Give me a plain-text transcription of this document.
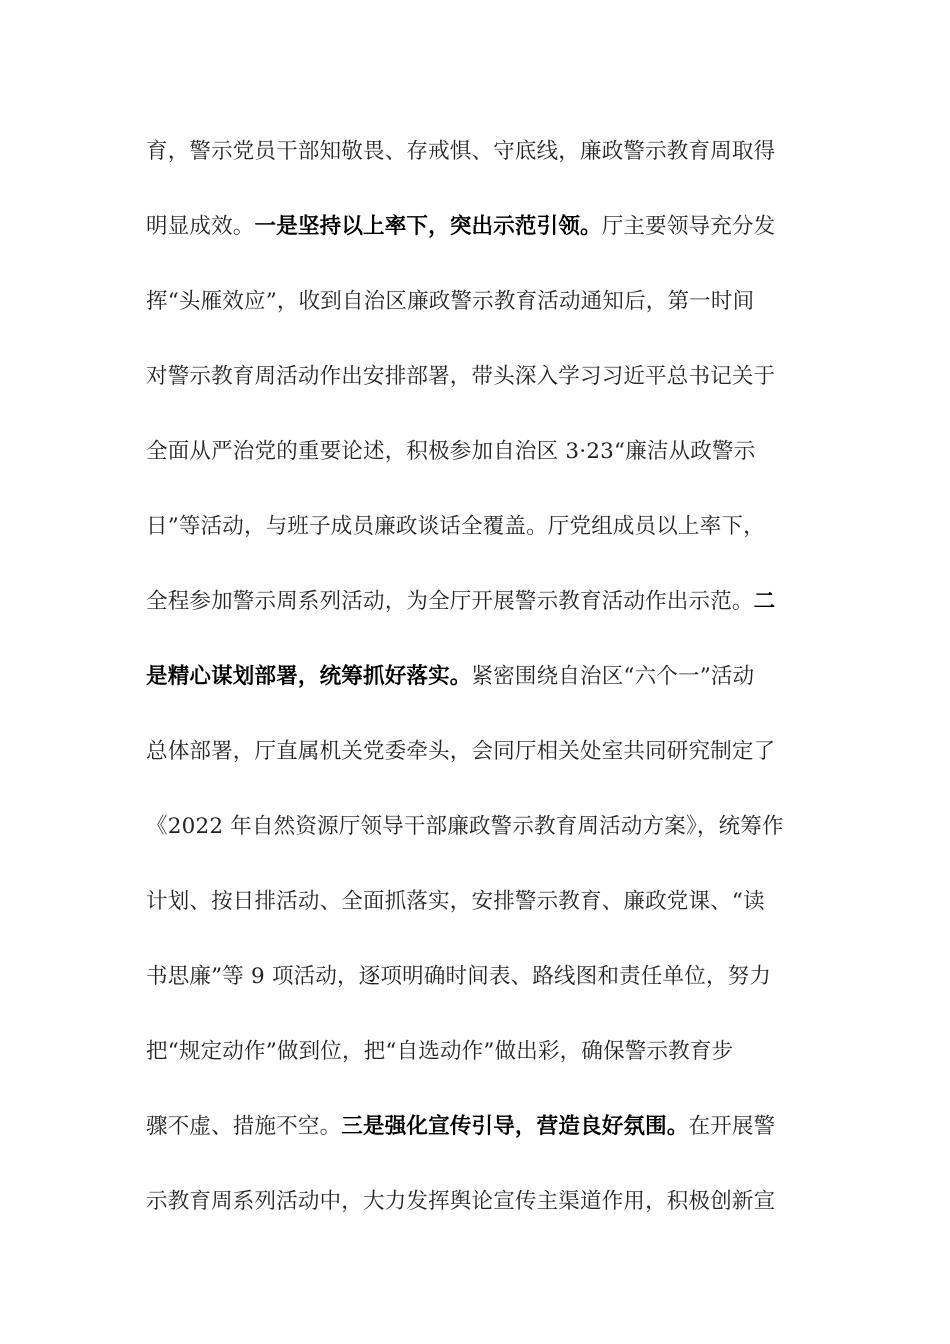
育，警示党员干部知敬畏、存戒惧、守底线，廉政警示教育周取得
明显成效。一是坚持以上率下，突出示范引领。厅主要领导充分发
挥“头雁效应”，收到自治区廉政警示教育活动通知后，第一时间
对警示教育周活动作出安排部署，带头深入学习习近平总书记关于
全面从严治党的重要论述，积极参加自治区 3·23“廉洁从政警示
日”等活动，与班子成员廉政谈话全覆盖。厅党组成员以上率下，
全程参加警示周系列活动，为全厅开展警示教育活动作出示范。二
是精心谋划部署，统筹抓好落实。紧密围绕自治区“六个一”活动
总体部署，厅直属机关党委牵头，会同厅相关处室共同研究制定了
《2022 年自然资源厅领导干部廉政警示教育周活动方案》，统筹作
计划、按日排活动、全面抓落实，安排警示教育、廉政党课、“读
书思廉”等 9 项活动，逐项明确时间表、路线图和责任单位，努力
把“规定动作”做到位，把“自选动作”做出彩，确保警示教育步
骤不虚、措施不空。三是强化宣传引导，营造良好氛围。在开展警
示教育周系列活动中，大力发挥舆论宣传主渠道作用，积极创新宣
